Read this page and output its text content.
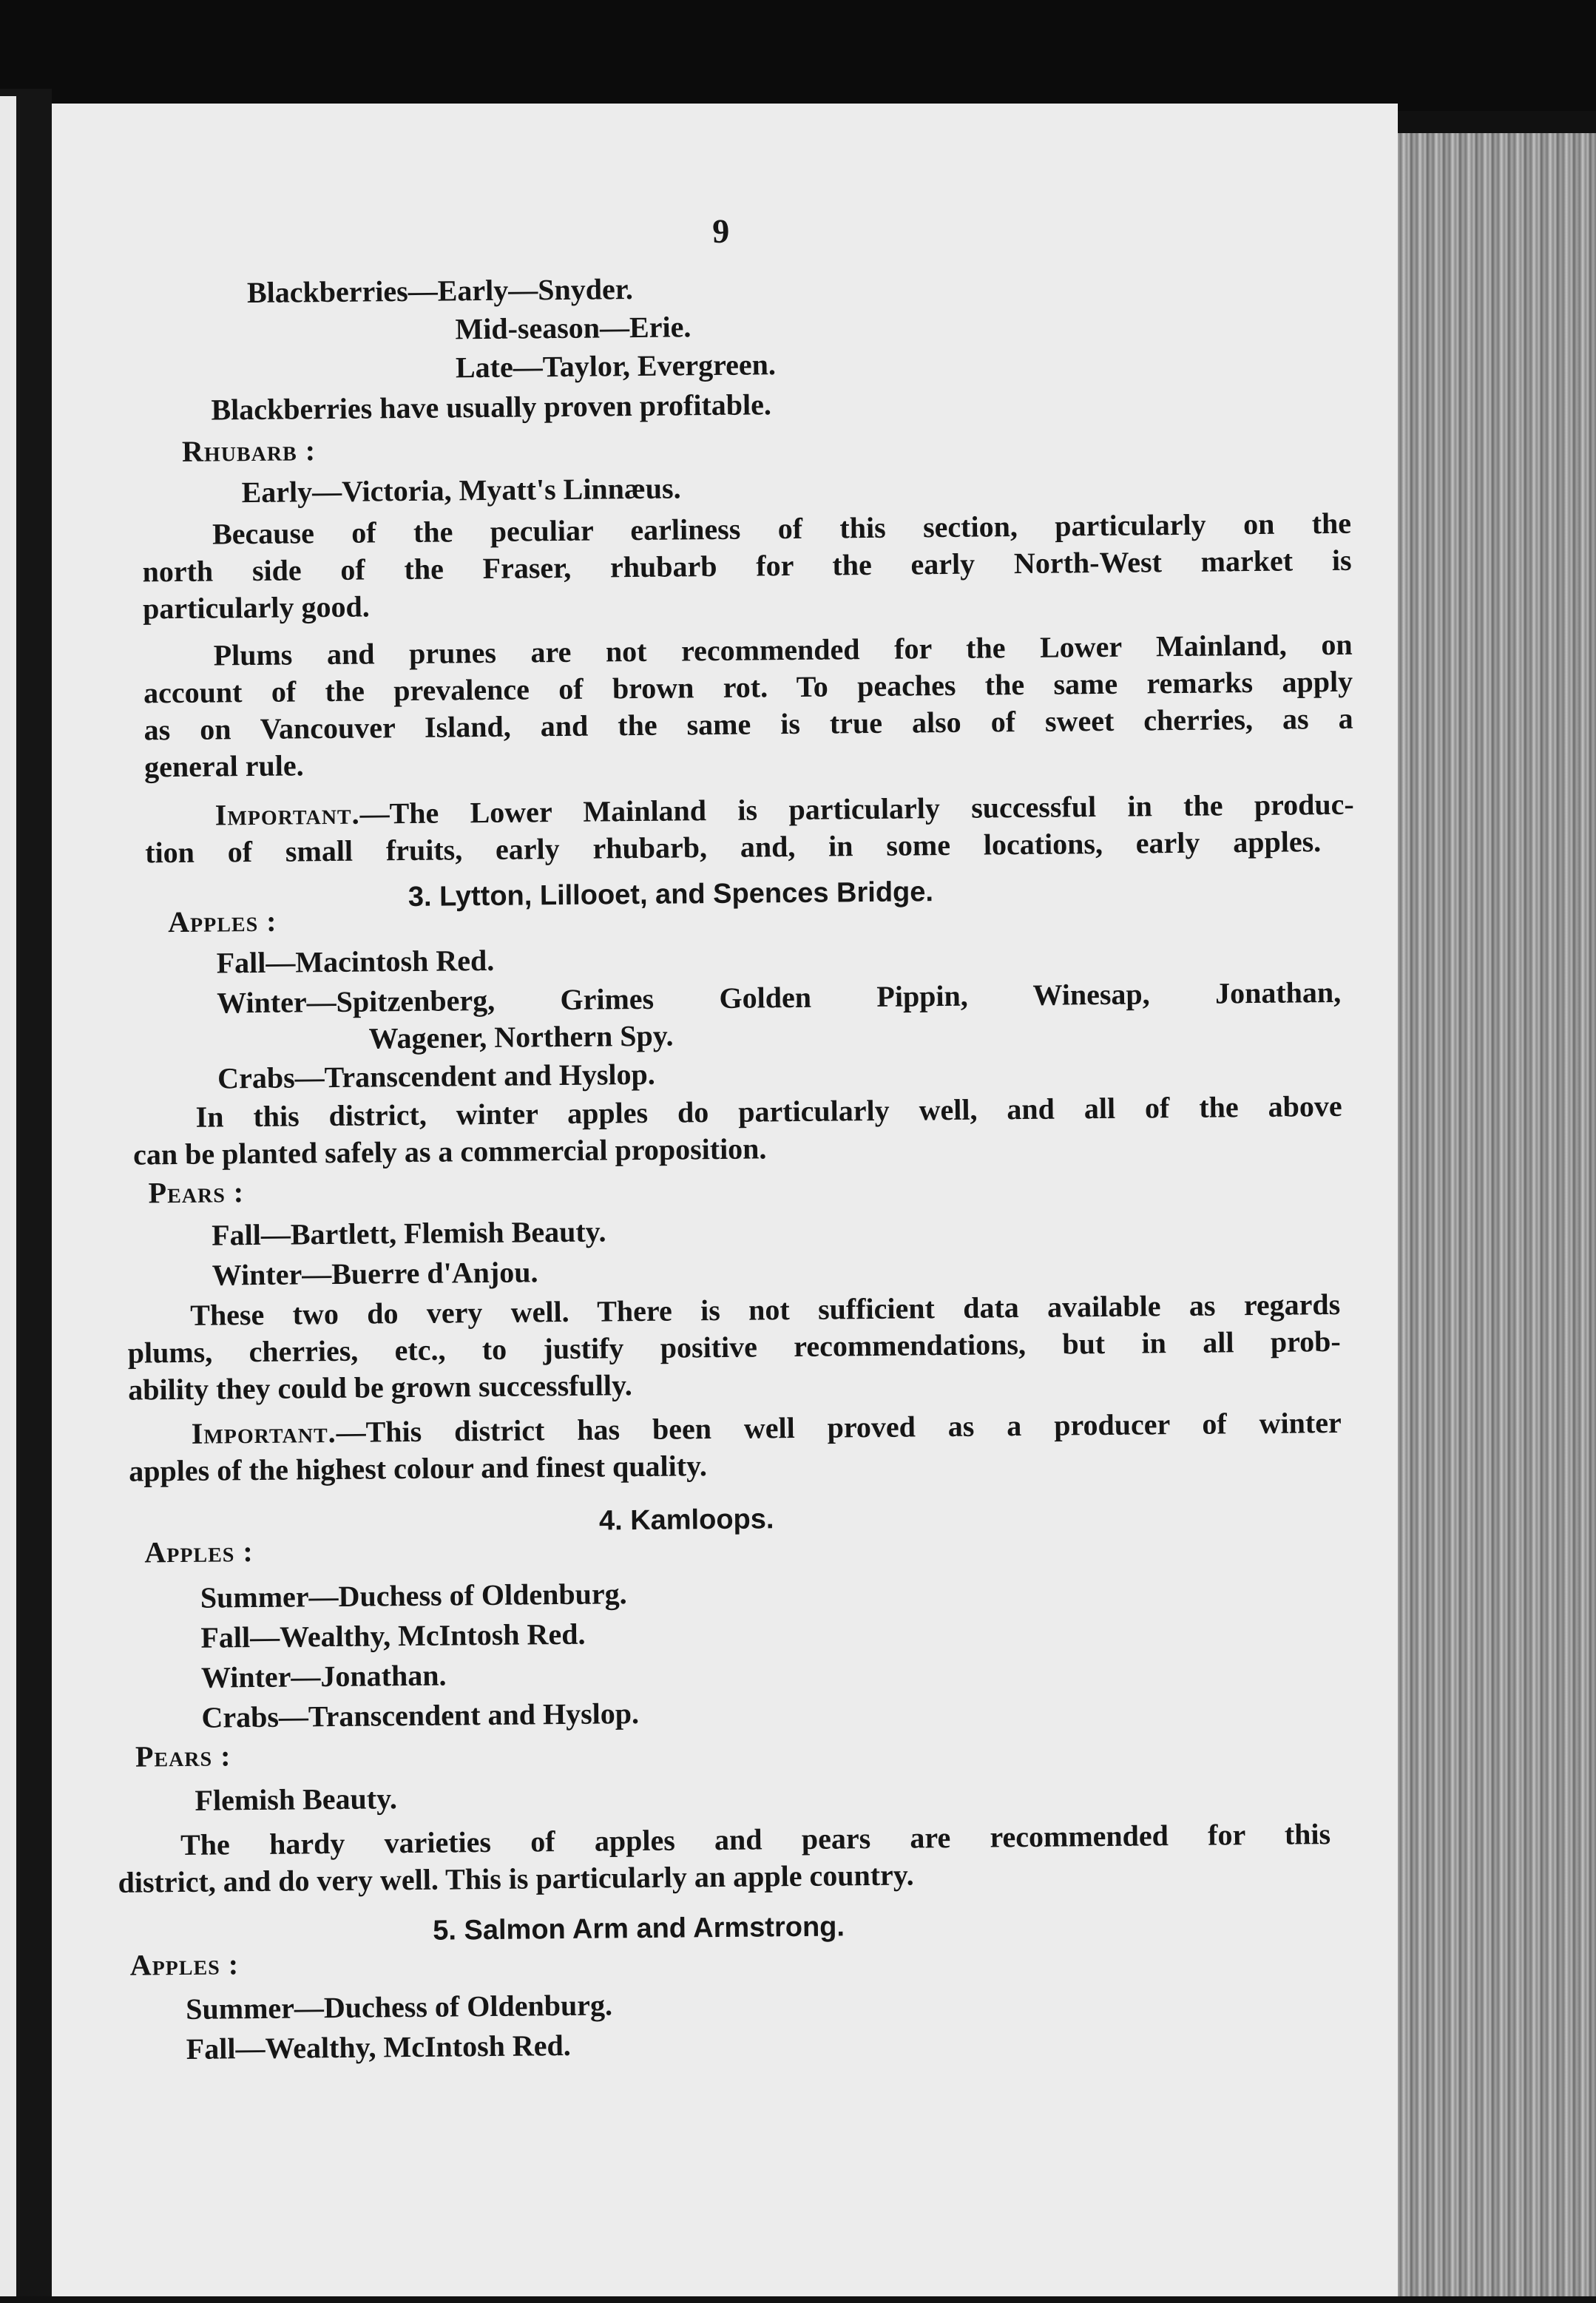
9
Blackberries—Early—Snyder.
Mid-season—Erie.
Late—Taylor, Evergreen.
Blackberries have usually proven profitable.
Rhubarb :
Early—Victoria, Myatt's Linnæus.
Because of the peculiar earliness of this section, particularly on the
north side of the Fraser, rhubarb for the early North-West market is
particularly good.
Plums and prunes are not recommended for the Lower Mainland, on
account of the prevalence of brown rot. To peaches the same remarks apply
as on Vancouver Island, and the same is true also of sweet cherries, as a
general rule.
Important.—The Lower Mainland is particularly successful in the produc-
tion of small fruits, early rhubarb, and, in some locations, early apples.
3. Lytton, Lillooet, and Spences Bridge.
Apples :
Fall—Macintosh Red.
Winter—Spitzenberg, Grimes Golden Pippin, Winesap, Jonathan,
Wagener, Northern Spy.
Crabs—Transcendent and Hyslop.
In this district, winter apples do particularly well, and all of the above
can be planted safely as a commercial proposition.
Pears :
Fall—Bartlett, Flemish Beauty.
Winter—Buerre d'Anjou.
These two do very well. There is not sufficient data available as regards
plums, cherries, etc., to justify positive recommendations, but in all prob-
ability they could be grown successfully.
Important.—This district has been well proved as a producer of winter
apples of the highest colour and finest quality.
4. Kamloops.
Apples :
Summer—Duchess of Oldenburg.
Fall—Wealthy, McIntosh Red.
Winter—Jonathan.
Crabs—Transcendent and Hyslop.
Pears :
Flemish Beauty.
The hardy varieties of apples and pears are recommended for this
district, and do very well. This is particularly an apple country.
5. Salmon Arm and Armstrong.
Apples :
Summer—Duchess of Oldenburg.
Fall—Wealthy, McIntosh Red.
